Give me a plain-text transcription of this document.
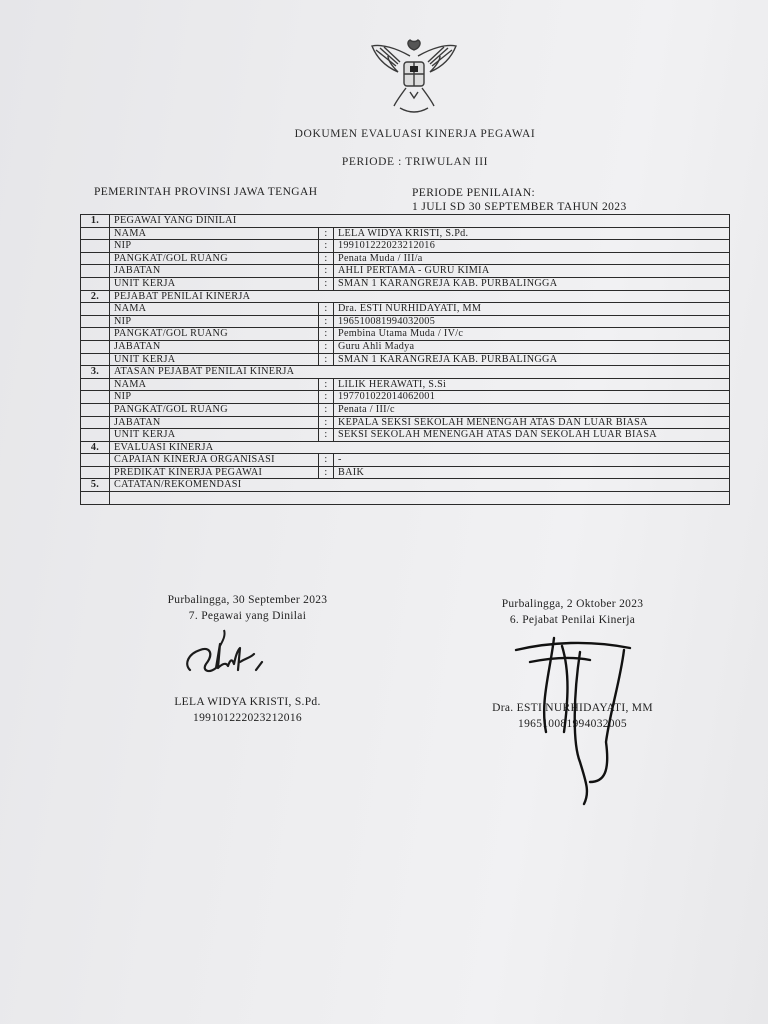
DOKUMEN EVALUASI KINERJA PEGAWAI
PERIODE : TRIWULAN III
PEMERINTAH PROVINSI JAWA TENGAH	PERIODE PENILAIAN:
1 JULI SD 30 SEPTEMBER TAHUN 2023
1.	PEGAWAI YANG DINILAI		
	NAMA	:	LELA WIDYA KRISTI, S.Pd.
	NIP	:	199101222023212016
	PANGKAT/GOL RUANG	:	Penata Muda / III/a
	JABATAN	:	AHLI PERTAMA - GURU KIMIA
	UNIT KERJA	:	SMAN 1 KARANGREJA KAB. PURBALINGGA
2.	PEJABAT PENILAI KINERJA		
	NAMA	:	Dra. ESTI NURHIDAYATI, MM
	NIP	:	196510081994032005
	PANGKAT/GOL RUANG	:	Pembina Utama Muda / IV/c
	JABATAN	:	Guru Ahli Madya
	UNIT KERJA	:	SMAN 1 KARANGREJA KAB. PURBALINGGA
3.	ATASAN PEJABAT PENILAI KINERJA		
	NAMA	:	LILIK HERAWATI, S.Si
	NIP	:	197701022014062001
	PANGKAT/GOL RUANG	:	Penata / III/c
	JABATAN	:	KEPALA SEKSI SEKOLAH MENENGAH ATAS DAN LUAR BIASA
	UNIT KERJA	:	SEKSI SEKOLAH MENENGAH ATAS DAN SEKOLAH LUAR BIASA
4.	EVALUASI KINERJA		
	CAPAIAN KINERJA ORGANISASI	:	-
	PREDIKAT KINERJA PEGAWAI	:	BAIK
5.	CATATAN/REKOMENDASI		

Purbalingga, 30 September 2023
7. Pegawai yang Dinilai
LELA WIDYA KRISTI, S.Pd.
199101222023212016
Purbalingga, 2 Oktober 2023
6. Pejabat Penilai Kinerja
Dra. ESTI NURHIDAYATI, MM
196510081994032005
